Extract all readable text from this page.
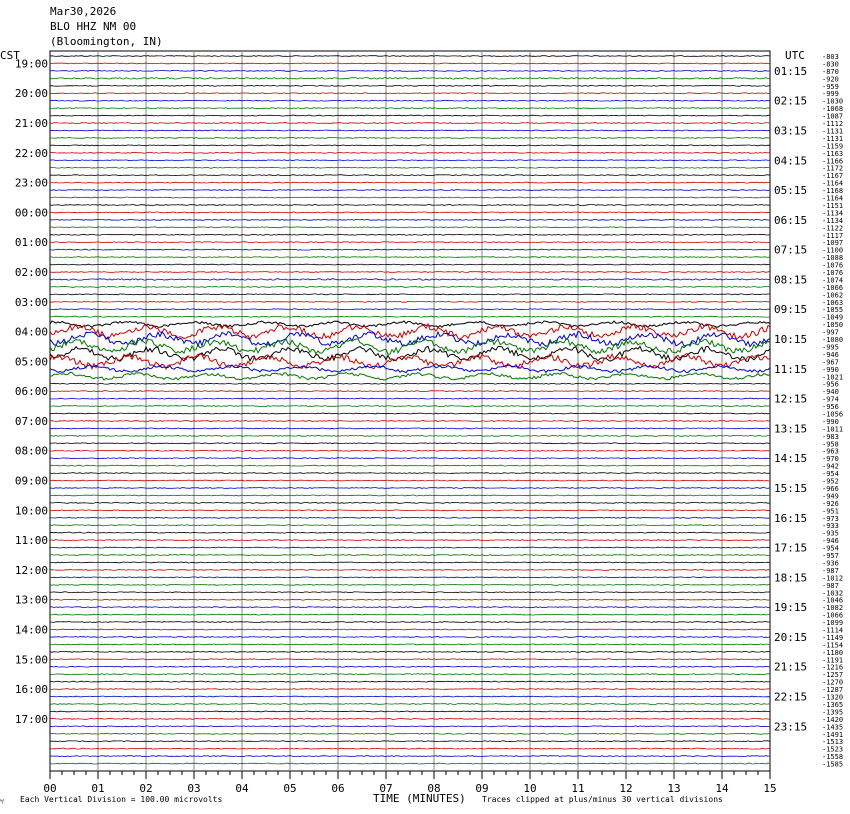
Mar30,2026
BLO HHZ NM 00
(Bloomington, IN)
CST	UTC
00	01	02	03	04	05	06	07	08	09	10	11	12	13	14	15
-803
-830
-870
-920
-959
-999
-1030
-1068
-1087
-1112
-1131
-1131
-1159
-1163
-1166
-1172
-1167
-1164
-1168
-1164
-1151
-1134
-1134
-1122
-1117
-1097
-1100
-1088
-1076
-1076
-1074
-1066
-1062
-1063
-1055
-1049
-1050
-997
-1080
-995
-946
-967
-990
-1021
-956
-940
-974
-956
-1056
-990
-1011
-983
-958
-963
-970
-942
-954
-952
-966
-949
-926
-951
-973
-933
-935
-946
-954
-957
-936
-987
-1012
-987
-1032
-1046
-1082
-1066
-1099
-1114
-1149
-1154
-1180
-1191
-1216
-1257
-1270
-1287
-1320
-1365
-1395
-1420
-1435
-1491
-1513
-1523
-1558
-1585
19:00
20:00
21:00
22:00
23:00
00:00
01:00
02:00
03:00
04:00
05:00
06:00
07:00
08:00
09:00
10:00
11:00
12:00
13:00
14:00
15:00
16:00
17:00
01:15
02:15
03:15
04:15
05:15
06:15
07:15
08:15
09:15
10:15
11:15
12:15
13:15
14:15
15:15
16:15
17:15
18:15
19:15
20:15
21:15
22:15
23:15
Each Vertical Division = 100.00 microvolts	TIME (MINUTES) Traces clipped at plus/minus 30 vertical divisions
♈
